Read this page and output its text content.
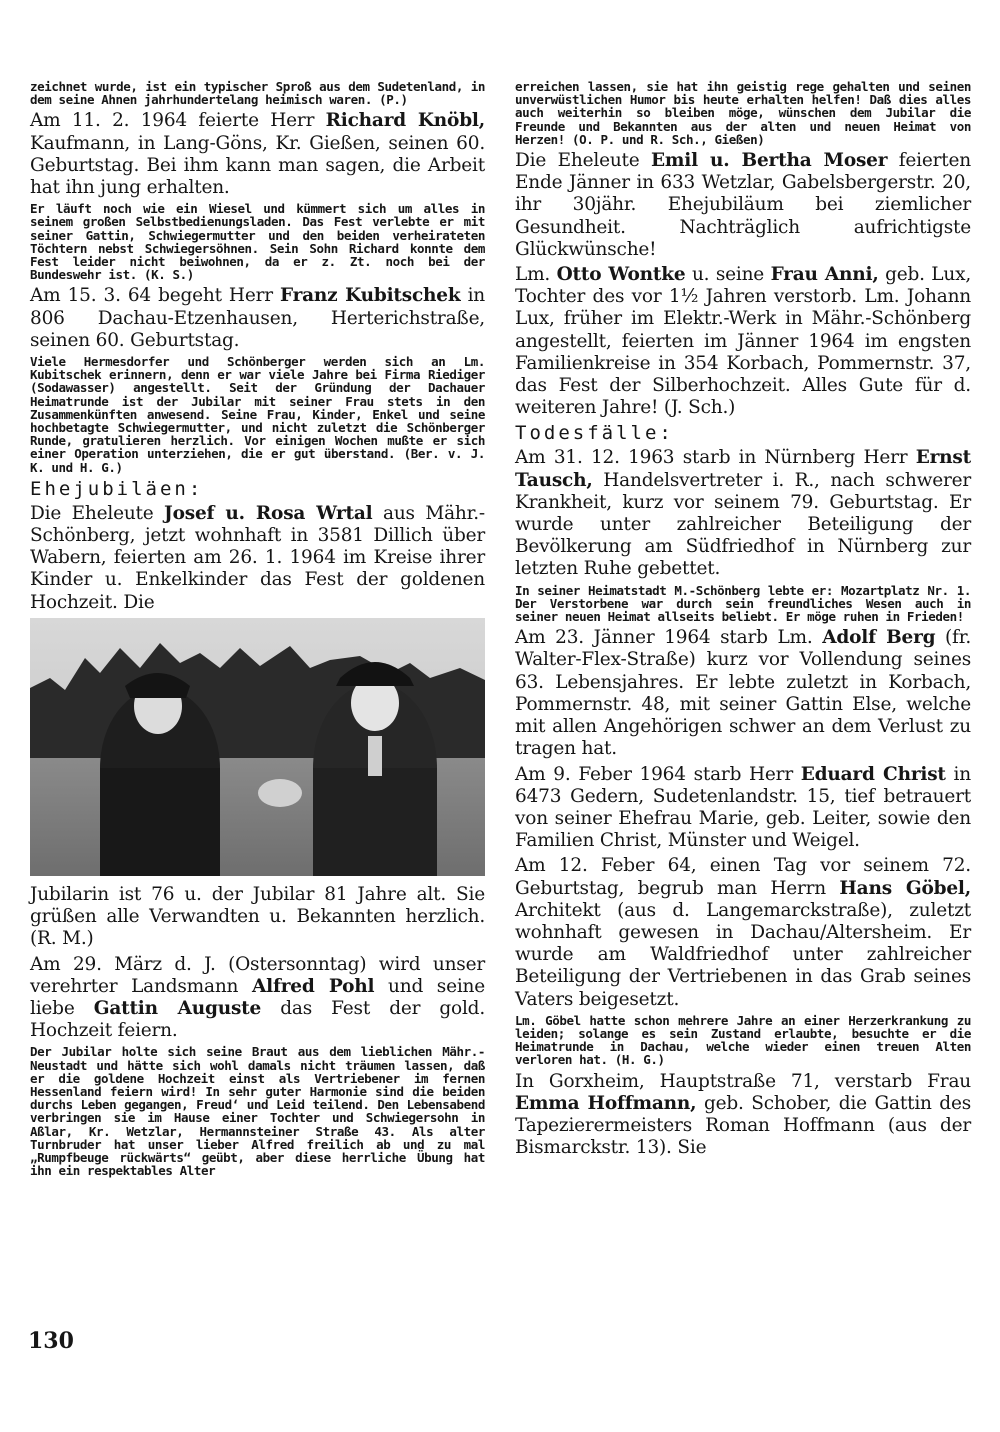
zeichnet wurde, ist ein typischer Sproß aus dem Sudetenland, in dem seine Ahnen jahrhundertelang heimisch waren. (P.)

Am 11. 2. 1964 feierte Herr Richard Knöbl, Kaufmann, in Lang-Göns, Kr. Gießen, seinen 60. Geburtstag. Bei ihm kann man sagen, die Arbeit hat ihn jung erhalten.

Er läuft noch wie ein Wiesel und kümmert sich um alles in seinem großen Selbstbedienungsladen. Das Fest verlebte er mit seiner Gattin, Schwiegermutter und den beiden verheirateten Töchtern nebst Schwiegersöhnen. Sein Sohn Richard konnte dem Fest leider nicht beiwohnen, da er z. Zt. noch bei der Bundeswehr ist. (K. S.)

Am 15. 3. 64 begeht Herr Franz Kubitschek in 806 Dachau-Etzenhausen, Herterichstraße, seinen 60. Geburtstag.

Viele Hermesdorfer und Schönberger werden sich an Lm. Kubitschek erinnern, denn er war viele Jahre bei Firma Riediger (Sodawasser) angestellt. Seit der Gründung der Dachauer Heimatrunde ist der Jubilar mit seiner Frau stets in den Zusammenkünften anwesend. Seine Frau, Kinder, Enkel und seine hochbetagte Schwiegermutter, und nicht zuletzt die Schönberger Runde, gratulieren herzlich. Vor einigen Wochen mußte er sich einer Operation unterziehen, die er gut überstand. (Ber. v. J. K. und H. G.)

Ehejubiläen:

Die Eheleute Josef u. Rosa Wrtal aus Mähr.-Schönberg, jetzt wohnhaft in 3581 Dillich über Wabern, feierten am 26. 1. 1964 im Kreise ihrer Kinder u. Enkelkinder das Fest der goldenen Hochzeit. Die

Jubilarin ist 76 u. der Jubilar 81 Jahre alt. Sie grüßen alle Verwandten u. Bekannten herzlich. (R. M.)

Am 29. März d. J. (Ostersonntag) wird unser verehrter Landsmann Alfred Pohl und seine liebe Gattin Auguste das Fest der gold. Hochzeit feiern.

Der Jubilar holte sich seine Braut aus dem lieblichen Mähr.-Neustadt und hätte sich wohl damals nicht träumen lassen, daß er die goldene Hochzeit einst als Vertriebener im fernen Hessenland feiern wird! In sehr guter Harmonie sind die beiden durchs Leben gegangen, Freud‘ und Leid teilend. Den Lebensabend verbringen sie im Hause einer Tochter und Schwiegersohn in Aßlar, Kr. Wetzlar, Hermannsteiner Straße 43. Als alter Turnbruder hat unser lieber Alfred freilich ab und zu mal „Rumpfbeuge rückwärts“ geübt, aber diese herrliche Übung hat ihn ein respektables Alter

erreichen lassen, sie hat ihn geistig rege gehalten und seinen unverwüstlichen Humor bis heute erhalten helfen! Daß dies alles auch weiterhin so bleiben möge, wünschen dem Jubilar die Freunde und Bekannten aus der alten und neuen Heimat von Herzen! (O. P. und R. Sch., Gießen)

Die Eheleute Emil u. Bertha Moser feierten Ende Jänner in 633 Wetzlar, Gabelsbergerstr. 20, ihr 30jähr. Ehejubiläum bei ziemlicher Gesundheit. Nachträglich aufrichtigste Glückwünsche!

Lm. Otto Wontke u. seine Frau Anni, geb. Lux, Tochter des vor 1½ Jahren verstorb. Lm. Johann Lux, früher im Elektr.-Werk in Mähr.-Schönberg angestellt, feierten im Jänner 1964 im engsten Familienkreise in 354 Korbach, Pommernstr. 37, das Fest der Silberhochzeit. Alles Gute für d. weiteren Jahre! (J. Sch.)

Todesfälle:

Am 31. 12. 1963 starb in Nürnberg Herr Ernst Tausch, Handelsvertreter i. R., nach schwerer Krankheit, kurz vor seinem 79. Geburtstag. Er wurde unter zahlreicher Beteiligung der Bevölkerung am Südfriedhof in Nürnberg zur letzten Ruhe gebettet.

In seiner Heimatstadt M.-Schönberg lebte er: Mozartplatz Nr. 1. Der Verstorbene war durch sein freundliches Wesen auch in seiner neuen Heimat allseits beliebt. Er möge ruhen in Frieden!

Am 23. Jänner 1964 starb Lm. Adolf Berg (fr. Walter-Flex-Straße) kurz vor Vollendung seines 63. Lebensjahres. Er lebte zuletzt in Korbach, Pommernstr. 48, mit seiner Gattin Else, welche mit allen Angehörigen schwer an dem Verlust zu tragen hat.

Am 9. Feber 1964 starb Herr Eduard Christ in 6473 Gedern, Sudetenlandstr. 15, tief betrauert von seiner Ehefrau Marie, geb. Leiter, sowie den Familien Christ, Münster und Weigel.

Am 12. Feber 64, einen Tag vor seinem 72. Geburtstag, begrub man Herrn Hans Göbel, Architekt (aus d. Langemarckstraße), zuletzt wohnhaft gewesen in Dachau/Altersheim. Er wurde am Waldfriedhof unter zahlreicher Beteiligung der Vertriebenen in das Grab seines Vaters beigesetzt.

Lm. Göbel hatte schon mehrere Jahre an einer Herzerkrankung zu leiden; solange es sein Zustand erlaubte, besuchte er die Heimatrunde in Dachau, welche wieder einen treuen Alten verloren hat. (H. G.)

In Gorxheim, Hauptstraße 71, verstarb Frau Emma Hoffmann, geb. Schober, die Gattin des Tapezierermeisters Roman Hoffmann (aus der Bismarckstr. 13). Sie

130
